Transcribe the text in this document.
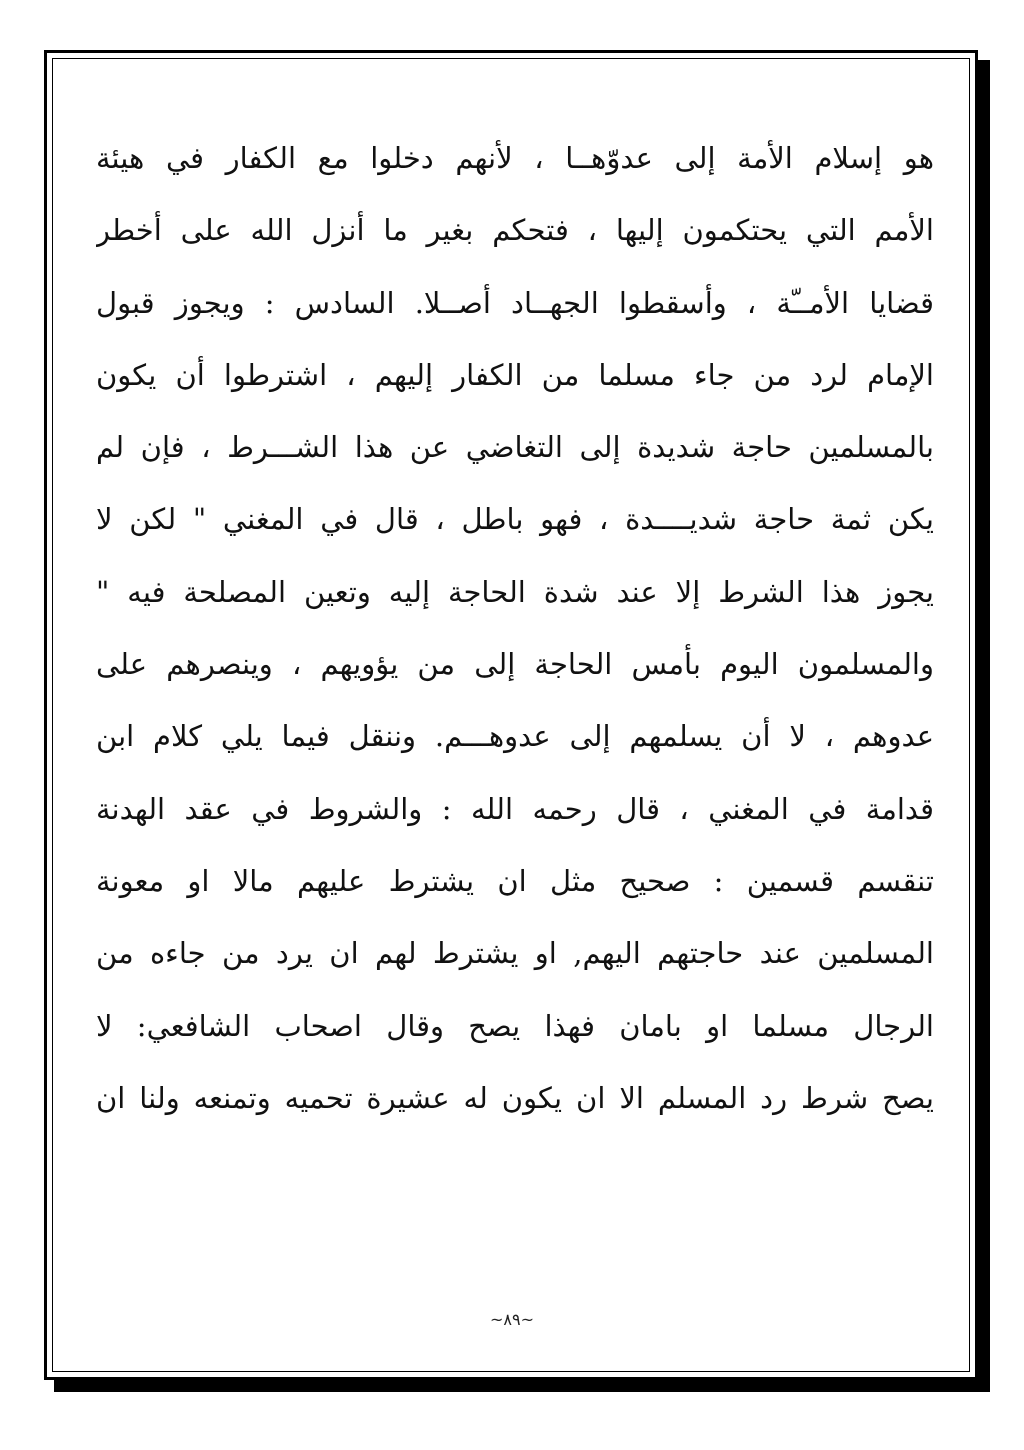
هو إسلام الأمة إلى عدوّهــا ، لأنهم دخلوا مع الكفار في هيئة
الأمم التي يحتكمون إليها ، فتحكم بغير ما أنزل الله على أخطر
قضايا الأمــّة ، وأسقطوا الجهــاد أصــلا. السادس : ويجوز قبول
الإمام لرد من جاء مسلما من الكفار إليهم ، اشترطوا أن يكون
بالمسلمين حاجة شديدة إلى التغاضي عن هذا الشـــرط ، فإن لم
يكن ثمة حاجة شديــــدة ، فهو باطل ، قال في المغني " لكن لا
يجوز هذا الشرط إلا عند شدة الحاجة إليه وتعين المصلحة فيه "
والمسلمون اليوم بأمس الحاجة إلى من يؤويهم ، وينصرهم على
عدوهم ، لا أن يسلمهم إلى عدوهـــم. وننقل فيما يلي كلام ابن
قدامة في المغني ، قال رحمه الله : والشروط في عقد الهدنة
تنقسم قسمين : صحيح مثل ان يشترط عليهم مالا او معونة
المسلمين عند حاجتهم اليهم, او يشترط لهم ان يرد من جاءه من
الرجال مسلما او بامان فهذا يصح وقال اصحاب الشافعي: لا
يصح شرط رد المسلم الا ان يكون له عشيرة تحميه وتمنعه ولنا ان
~٨٩~
